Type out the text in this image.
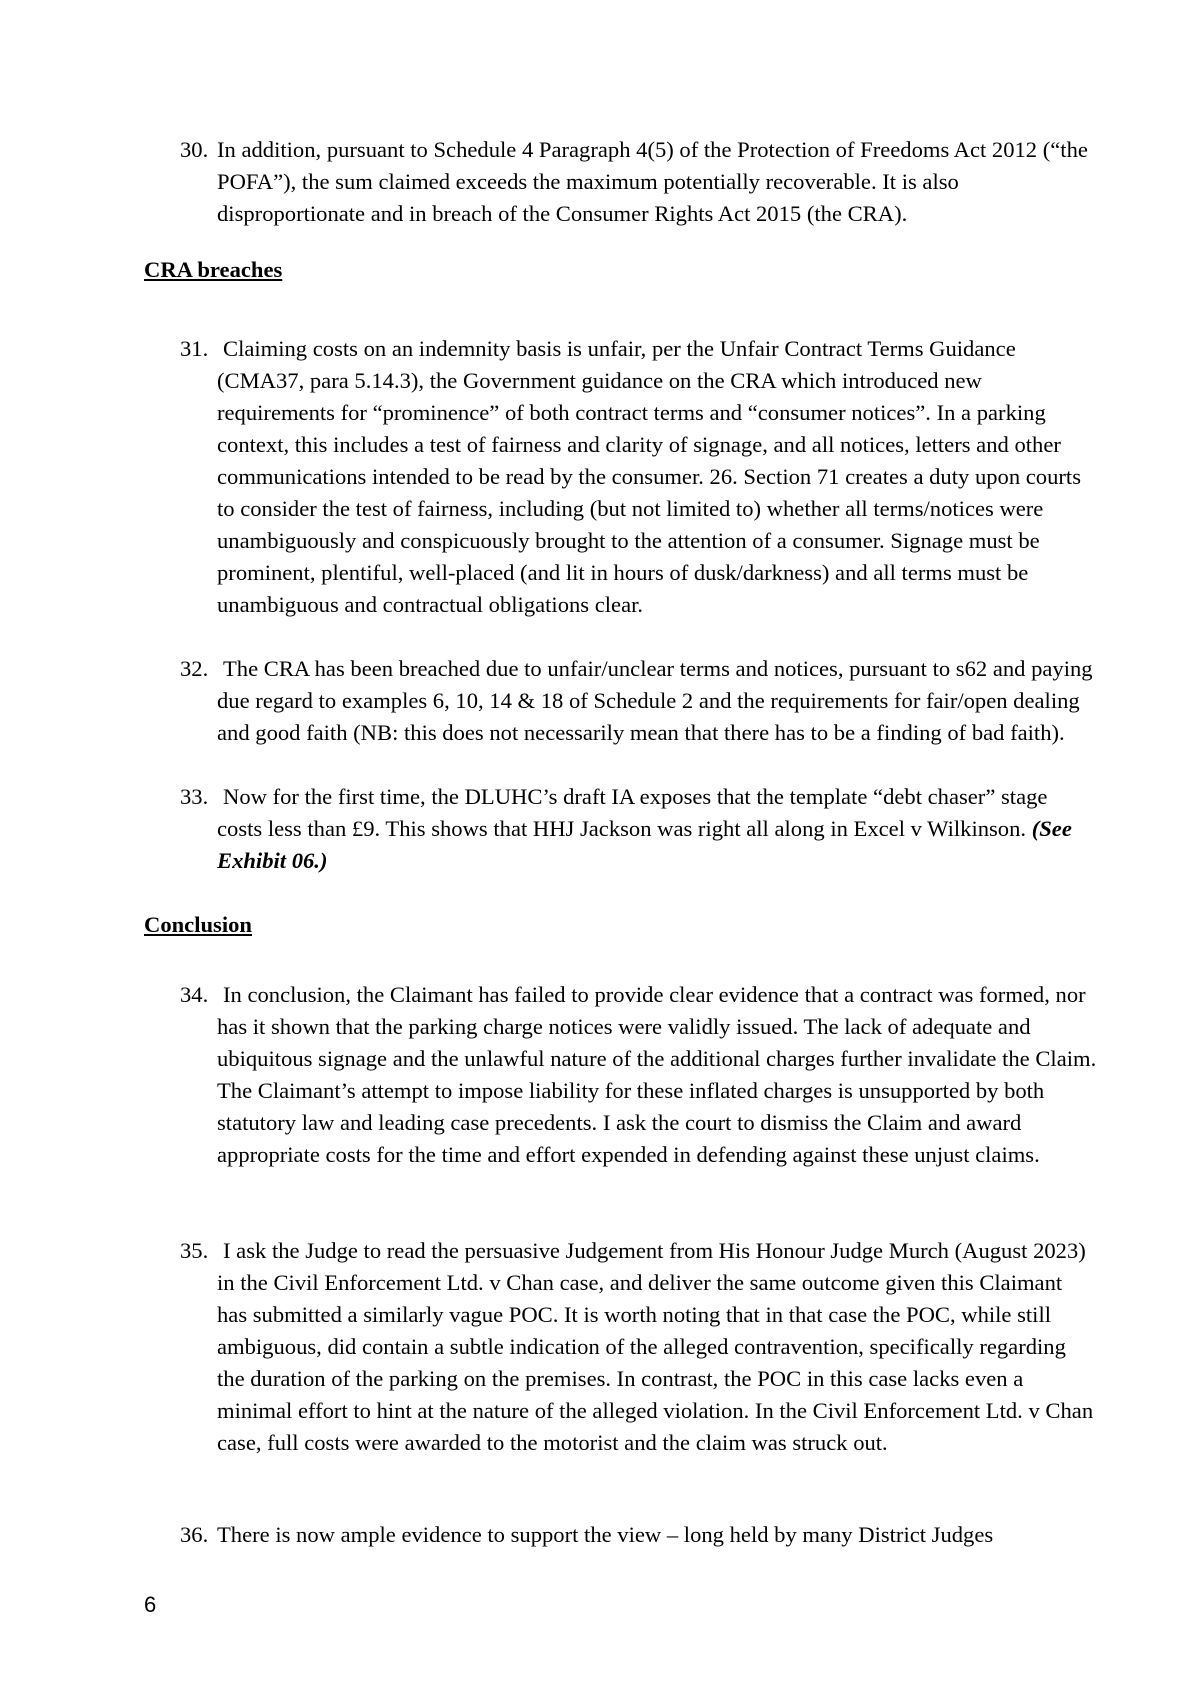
30. In addition, pursuant to Schedule 4 Paragraph 4(5) of the Protection of Freedoms Act 2012 (“the POFA”), the sum claimed exceeds the maximum potentially recoverable. It is also disproportionate and in breach of the Consumer Rights Act 2015 (the CRA).

CRA breaches

31. Claiming costs on an indemnity basis is unfair, per the Unfair Contract Terms Guidance (CMA37, para 5.14.3), the Government guidance on the CRA which introduced new requirements for “prominence” of both contract terms and “consumer notices”. In a parking context, this includes a test of fairness and clarity of signage, and all notices, letters and other communications intended to be read by the consumer. 26. Section 71 creates a duty upon courts to consider the test of fairness, including (but not limited to) whether all terms/notices were unambiguously and conspicuously brought to the attention of a consumer. Signage must be prominent, plentiful, well-placed (and lit in hours of dusk/darkness) and all terms must be unambiguous and contractual obligations clear.

32. The CRA has been breached due to unfair/unclear terms and notices, pursuant to s62 and paying due regard to examples 6, 10, 14 & 18 of Schedule 2 and the requirements for fair/open dealing and good faith (NB: this does not necessarily mean that there has to be a finding of bad faith).

33. Now for the first time, the DLUHC’s draft IA exposes that the template “debt chaser” stage costs less than £9. This shows that HHJ Jackson was right all along in Excel v Wilkinson. (See Exhibit 06.)

Conclusion

34. In conclusion, the Claimant has failed to provide clear evidence that a contract was formed, nor has it shown that the parking charge notices were validly issued. The lack of adequate and ubiquitous signage and the unlawful nature of the additional charges further invalidate the Claim. The Claimant’s attempt to impose liability for these inflated charges is unsupported by both statutory law and leading case precedents. I ask the court to dismiss the Claim and award appropriate costs for the time and effort expended in defending against these unjust claims.

35. I ask the Judge to read the persuasive Judgement from His Honour Judge Murch (August 2023) in the Civil Enforcement Ltd. v Chan case, and deliver the same outcome given this Claimant has submitted a similarly vague POC. It is worth noting that in that case the POC, while still ambiguous, did contain a subtle indication of the alleged contravention, specifically regarding the duration of the parking on the premises. In contrast, the POC in this case lacks even a minimal effort to hint at the nature of the alleged violation. In the Civil Enforcement Ltd. v Chan case, full costs were awarded to the motorist and the claim was struck out.

36. There is now ample evidence to support the view – long held by many District Judges

6
